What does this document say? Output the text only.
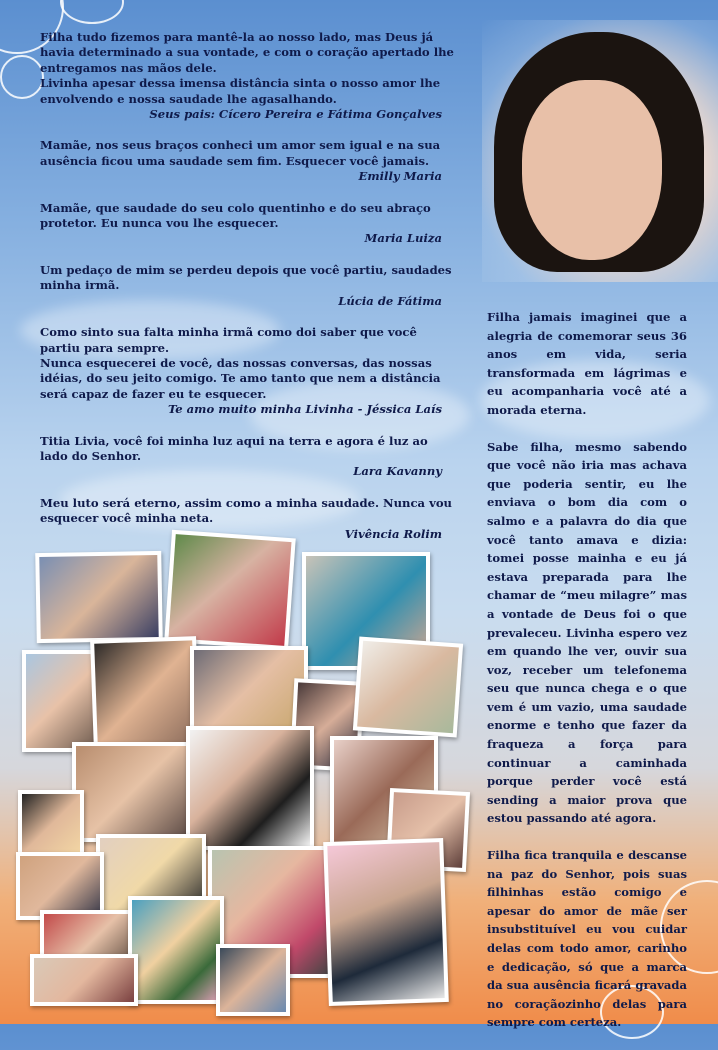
Filha tudo fizemos para mantê-la ao nosso lado, mas Deus já havia determinado a sua vontade, e com o coração apertado lhe entregamos nas mãos dele.

Livinha apesar dessa imensa distância sinta o nosso amor lhe envolvendo e nossa saudade lhe agasalhando.

Seus pais: Cícero Pereira e Fátima Gonçalves

Mamãe, nos seus braços conheci um amor sem igual e na sua ausência ficou uma saudade sem fim. Esquecer você jamais.

Emilly Maria

Mamãe, que saudade do seu colo quentinho e do seu abraço protetor. Eu nunca vou lhe esquecer.

Maria Luiza

Um pedaço de mim se perdeu depois que você partiu, saudades minha irmã.

Lúcia de Fátima

Como sinto sua falta minha irmã como doi saber que você partiu para sempre.

Nunca esquecerei de você, das nossas conversas, das nossas idéias, do seu jeito comigo. Te amo tanto que nem a distância será capaz de fazer eu te esquecer.

Te amo muito minha Livinha - Jéssica Laís

Titia Livia, você foi minha luz aqui na terra e agora é luz ao lado do Senhor.

Lara Kavanny

Meu luto será eterno, assim como a minha saudade. Nunca vou esquecer você minha neta.

Vivência Rolim

Filha jamais imaginei que a alegria de comemorar seus 36 anos em vida, seria transformada em lágrimas e eu acompanharia você até a morada eterna.

Sabe filha, mesmo sabendo que você não iria mas achava que poderia sentir, eu lhe enviava o bom dia com o salmo e a palavra do dia que você tanto amava e dizia: tomei posse mainha e eu já estava preparada para lhe chamar de “meu milagre” mas a vontade de Deus foi o que prevaleceu. Livinha espero vez em quando lhe ver, ouvir sua voz, receber um telefonema seu que nunca chega e o que vem é um vazio, uma saudade enorme e tenho que fazer da fraqueza a força para continuar a caminhada porque perder você está sending a maior prova que estou passando até agora.

Filha fica tranquila e descanse na paz do Senhor, pois suas filhinhas estão comigo e apesar do amor de mãe ser insubstituível eu vou cuidar delas com todo amor, carinho e dedicação, só que a marca da sua ausência ficará gravada no coraçãozinho delas para sempre com certeza.
